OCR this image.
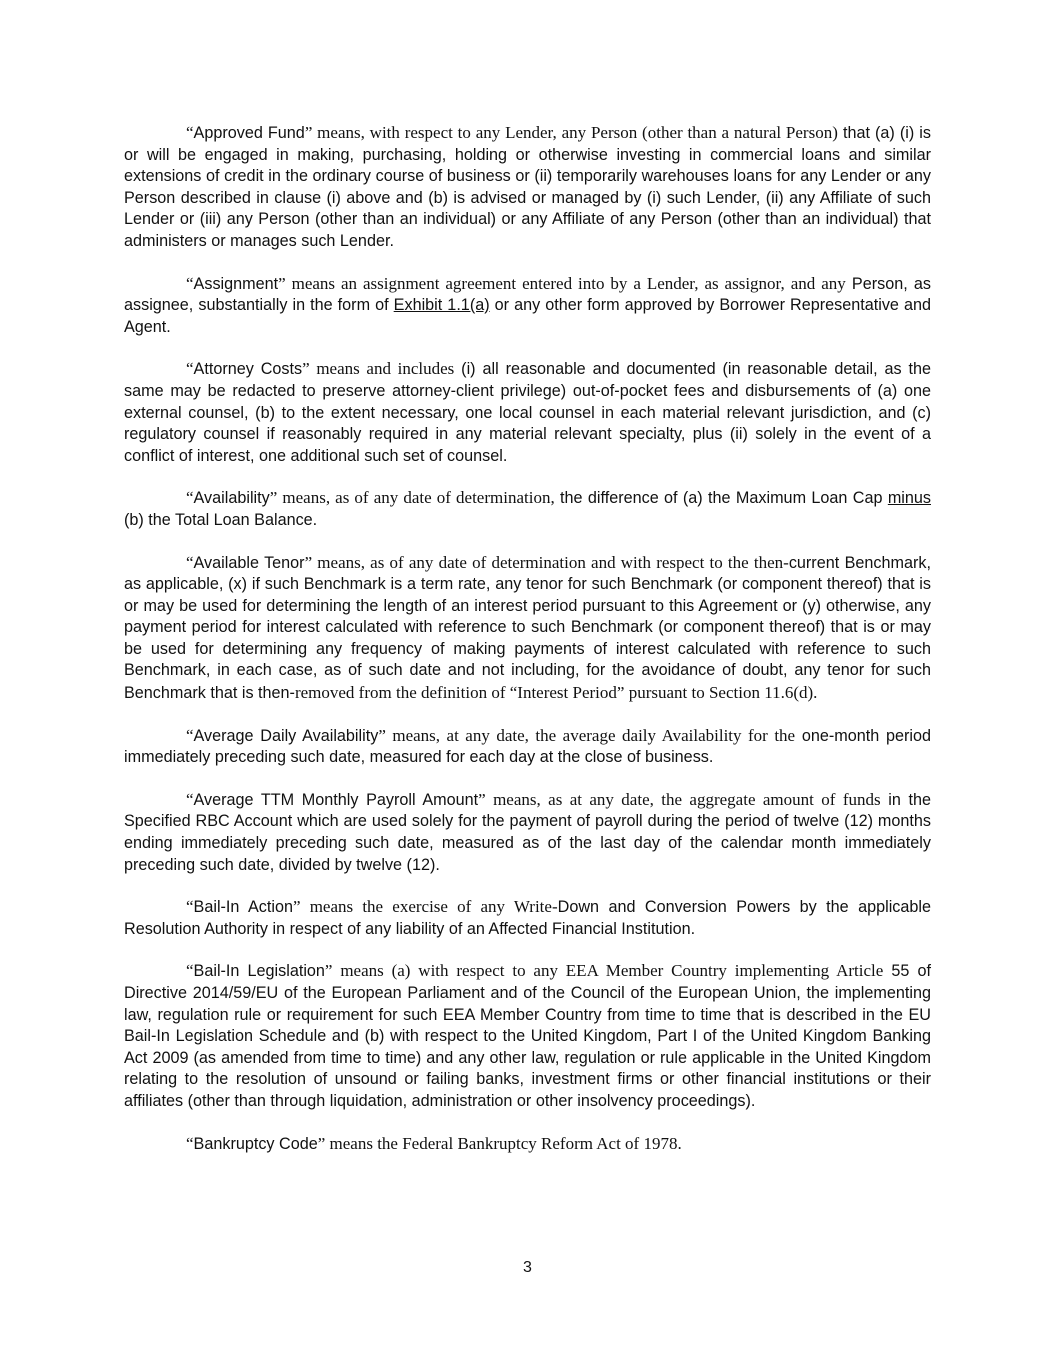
“Approved Fund” means, with respect to any Lender, any Person (other than a natural Person) that (a) (i) is or will be engaged in making, purchasing, holding or otherwise investing in commercial loans and similar extensions of credit in the ordinary course of business or (ii) temporarily warehouses loans for any Lender or any Person described in clause (i) above and (b) is advised or managed by (i) such Lender, (ii) any Affiliate of such Lender or (iii) any Person (other than an individual) or any Affiliate of any Person (other than an individual) that administers or manages such Lender.

“Assignment” means an assignment agreement entered into by a Lender, as assignor, and any Person, as assignee, substantially in the form of Exhibit 1.1(a) or any other form approved by Borrower Representative and Agent.

“Attorney Costs” means and includes (i) all reasonable and documented (in reasonable detail, as the same may be redacted to preserve attorney-client privilege) out-of-pocket fees and disbursements of (a) one external counsel, (b) to the extent necessary, one local counsel in each material relevant jurisdiction, and (c) regulatory counsel if reasonably required in any material relevant specialty, plus (ii) solely in the event of a conflict of interest, one additional such set of counsel.

“Availability” means, as of any date of determination, the difference of (a) the Maximum Loan Cap minus (b) the Total Loan Balance.

“Available Tenor” means, as of any date of determination and with respect to the then-current Benchmark, as applicable, (x) if such Benchmark is a term rate, any tenor for such Benchmark (or component thereof) that is or may be used for determining the length of an interest period pursuant to this Agreement or (y) otherwise, any payment period for interest calculated with reference to such Benchmark (or component thereof) that is or may be used for determining any frequency of making payments of interest calculated with reference to such Benchmark, in each case, as of such date and not including, for the avoidance of doubt, any tenor for such Benchmark that is then-removed from the definition of “Interest Period” pursuant to Section 11.6(d).

“Average Daily Availability” means, at any date, the average daily Availability for the one-month period immediately preceding such date, measured for each day at the close of business.

“Average TTM Monthly Payroll Amount” means, as at any date, the aggregate amount of funds in the Specified RBC Account which are used solely for the payment of payroll during the period of twelve (12) months ending immediately preceding such date, measured as of the last day of the calendar month immediately preceding such date, divided by twelve (12).

“Bail-In Action” means the exercise of any Write-Down and Conversion Powers by the applicable Resolution Authority in respect of any liability of an Affected Financial Institution.

“Bail-In Legislation” means (a) with respect to any EEA Member Country implementing Article 55 of Directive 2014/59/EU of the European Parliament and of the Council of the European Union, the implementing law, regulation rule or requirement for such EEA Member Country from time to time that is described in the EU Bail-In Legislation Schedule and (b) with respect to the United Kingdom, Part I of the United Kingdom Banking Act 2009 (as amended from time to time) and any other law, regulation or rule applicable in the United Kingdom relating to the resolution of unsound or failing banks, investment firms or other financial institutions or their affiliates (other than through liquidation, administration or other insolvency proceedings).

“Bankruptcy Code” means the Federal Bankruptcy Reform Act of 1978.

3
